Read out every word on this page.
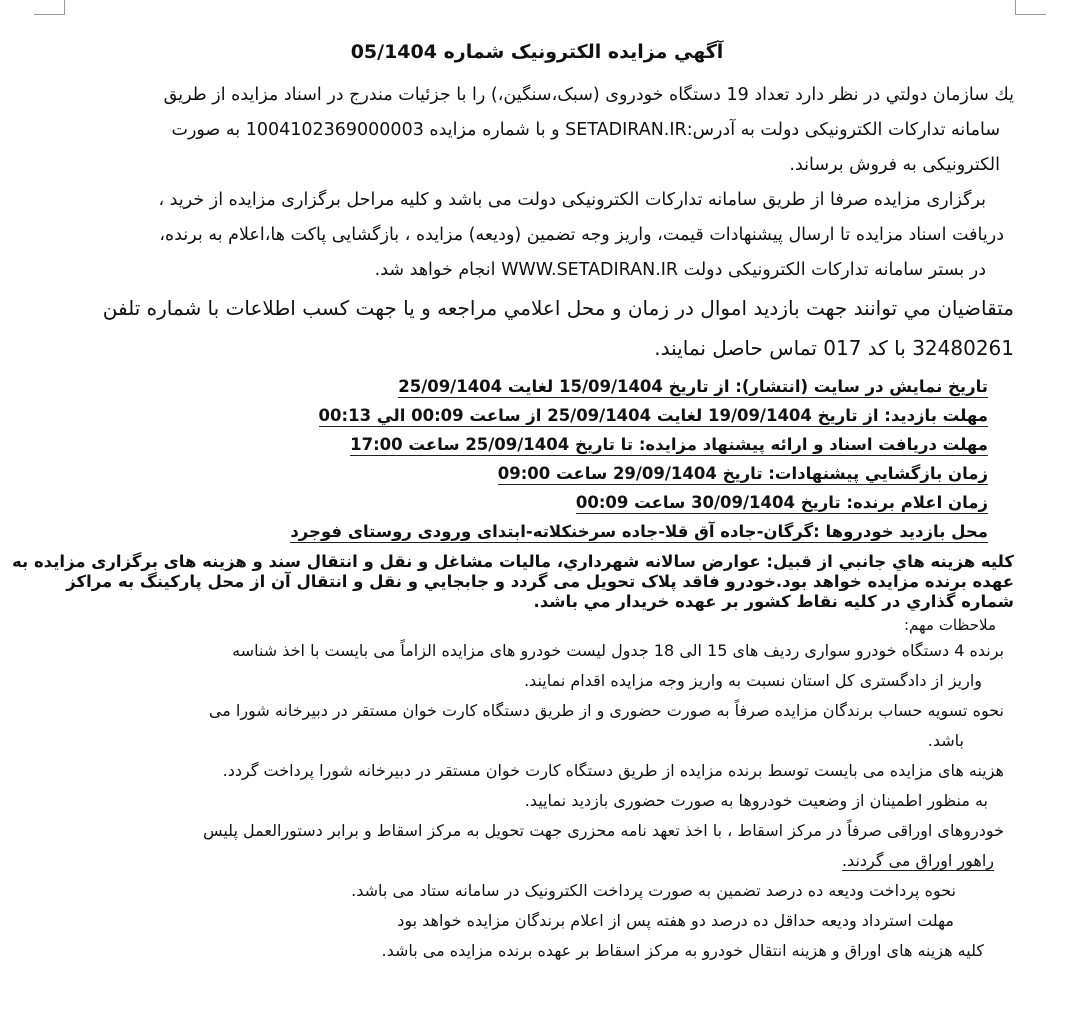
آگهي مزايده الكترونيک شماره 05/1404
يك سازمان دولتي در نظر دارد تعداد 19 دستگاه خودروی (سبک،سنگین،) را با جزئیات مندرج در اسناد مزایده از طریق
سامانه تدارکات الکترونیکی دولت به آدرس:SETADIRAN.IR و با شماره مزایده 1004102369000003 به صورت
الکترونیکی به فروش برساند.
برگزاری مزایده صرفا از طریق سامانه تدارکات الکترونیکی دولت می باشد و کلیه مراحل برگزاری مزایده از خرید ،
دریافت اسناد مزایده تا ارسال پیشنهادات قیمت، واریز وجه تضمین (ودیعه) مزایده ، بازگشایی پاکت ها،اعلام به برنده،
در بستر سامانه تدارکات الکترونیکی دولت WWW.SETADIRAN.IR انجام خواهد شد.
متقاضيان مي توانند جهت بازديد اموال در زمان و محل اعلامي مراجعه و يا جهت كسب اطلاعات با شماره تلفن
32480261 با كد 017 تماس حاصل نمايند.
تاريخ نمايش در سايت (انتشار): از تاريخ 15/09/1404 لغايت 25/09/1404
مهلت بازديد: از تاريخ 19/09/1404 لغايت 25/09/1404 از ساعت 00:09 الي 00:13
مهلت دريافت اسناد و ارائه پيشنهاد مزايده: تا تاريخ 25/09/1404 ساعت 17:00
زمان بازگشايي پيشنهادات: تاريخ 29/09/1404 ساعت 09:00
زمان اعلام برنده: تاريخ 30/09/1404 ساعت 00:09
محل بازديد خودروها :گرگان-جاده آق قلا-جاده سرخنکلاته-ابتدای ورودی روستای فوجرد
كليه هزينه هاي جانبي از قبيل: عوارض سالانه شهرداري، ماليات مشاغل و نقل و انتقال سند و هزينه های برگزاری مزایده به
عهده برنده مزايده خواهد بود.خودرو فاقد پلاک تحويل می گردد و جابجايي و نقل و انتقال آن از محل پاركينگ به مراكز
شماره گذاري در كليه نقاط كشور بر عهده خريدار مي باشد.
ملاحظات مهم:
برنده 4 دستگاه خودرو سواری ردیف های 15 الی 18 جدول لیست خودرو های مزایده الزاماً می بایست با اخذ شناسه
واریز از دادگستری کل استان نسبت به واریز وجه مزایده اقدام نمایند.
نحوه تسویه حساب برندگان مزایده صرفاً به صورت حضوری و از طریق دستگاه کارت خوان مستقر در دبیرخانه شورا می
باشد.
هزینه های مزایده می بایست توسط برنده مزایده از طریق دستگاه کارت خوان مستقر در دبیرخانه شورا پرداخت گردد.
به منظور اطمینان از وضعیت خودروها به صورت حضوری بازدید نمایید.
خودروهای اوراقی صرفاً در مرکز اسقاط ، با اخذ تعهد نامه محزری جهت تحویل به مرکز اسقاط و برابر دستورالعمل پلیس
راهور اوراق می گردند.
نحوه پرداخت ودیعه ده درصد تضمین به صورت پرداخت الکترونیک در سامانه ستاد می باشد.
مهلت استرداد ودیعه حداقل ده درصد دو هفته پس از اعلام برندگان مزایده خواهد بود
کلیه هزینه های اوراق و هزینه انتقال خودرو به مرکز اسقاط بر عهده برنده مزایده می باشد.
